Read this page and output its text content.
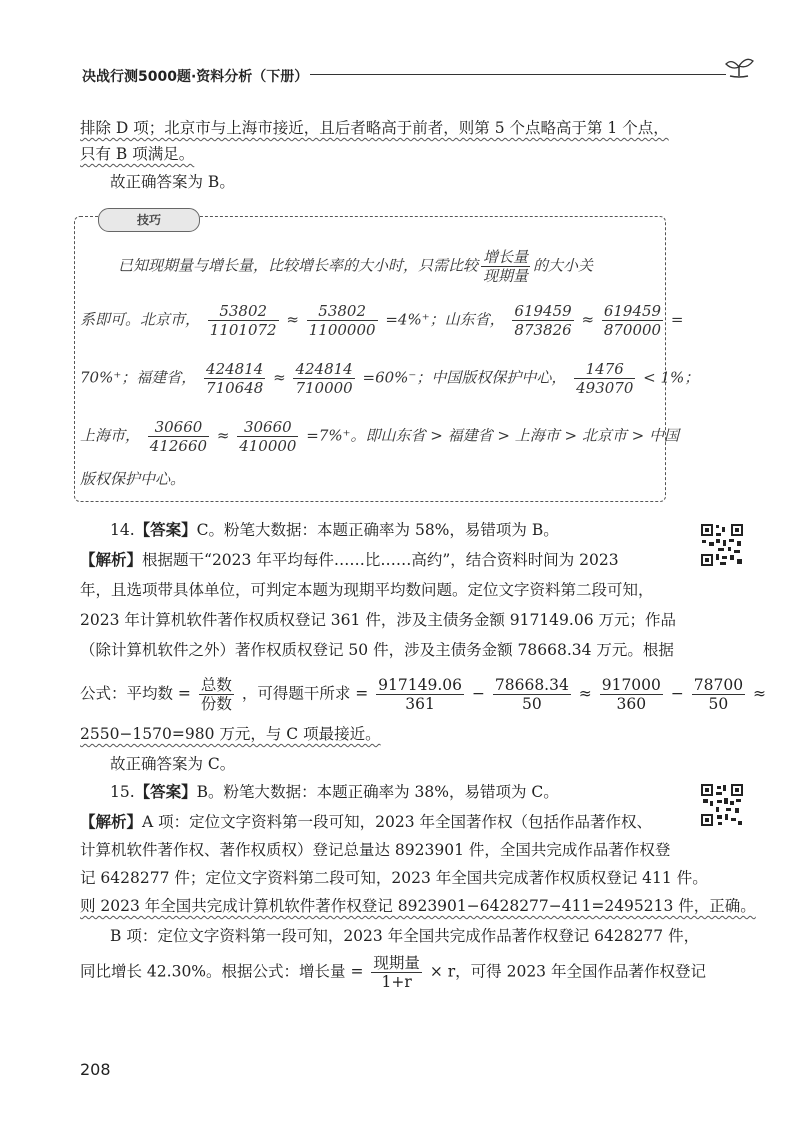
决战行测5000题·资料分析（下册）
排除 D 项；北京市与上海市接近，且后者略高于前者，则第 5 个点略高于第 1 个点，
只有 B 项满足。
故正确答案为 B。
技巧
已知现期量与增长量，比较增长率的大小时，只需比较 $\frac{\text{增长量}}{\text{现期量}}$ 的大小关
系即可。北京市， $\frac{53802}{1101072} \approx \frac{53802}{1100000} =4\%^+$；山东省， $\frac{619459}{873826} \approx \frac{619459}{870000}$ =
70%⁺；福建省， $\frac{424814}{710648} \approx \frac{424814}{710000} =60\%^-$；中国版权保护中心， $\frac{1476}{493070} < 1\%$；
上海市， $\frac{30660}{412660} \approx \frac{30660}{410000} =7\%^+$。即山东省 > 福建省 > 上海市 > 北京市 > 中国
版权保护中心。
14.【答案】C。粉笔大数据：本题正确率为 58%，易错项为 B。
【解析】根据题干“2023 年平均每件……比……高约”，结合资料时间为 2023
年，且选项带具体单位，可判定本题为现期平均数问题。定位文字资料第二段可知，
2023 年计算机软件著作权质权登记 361 件，涉及主债务金额 917149.06 万元；作品
（除计算机软件之外）著作权质权登记 50 件，涉及主债务金额 78668.34 万元。根据
公式：平均数 = $\frac{\text{总数}}{\text{份数}}$ ，可得题干所求 = $\frac{917149.06}{361} - \frac{78668.34}{50} \approx \frac{917000}{360} - \frac{78700}{50}$ ≈
2550−1570=980 万元，与 C 项最接近。
故正确答案为 C。
15.【答案】B。粉笔大数据：本题正确率为 38%，易错项为 C。
【解析】A 项：定位文字资料第一段可知，2023 年全国著作权（包括作品著作权、
计算机软件著作权、著作权质权）登记总量达 8923901 件，全国共完成作品著作权登
记 6428277 件；定位文字资料第二段可知，2023 年全国共完成著作权质权登记 411 件。
则 2023 年全国共完成计算机软件著作权登记 8923901−6428277−411=2495213 件，正确。
B 项：定位文字资料第一段可知，2023 年全国共完成作品著作权登记 6428277 件，
同比增长 42.30%。根据公式：增长量 = $\frac{\text{现期量}}{1+r} \times r$，可得 2023 年全国作品著作权登记
208
